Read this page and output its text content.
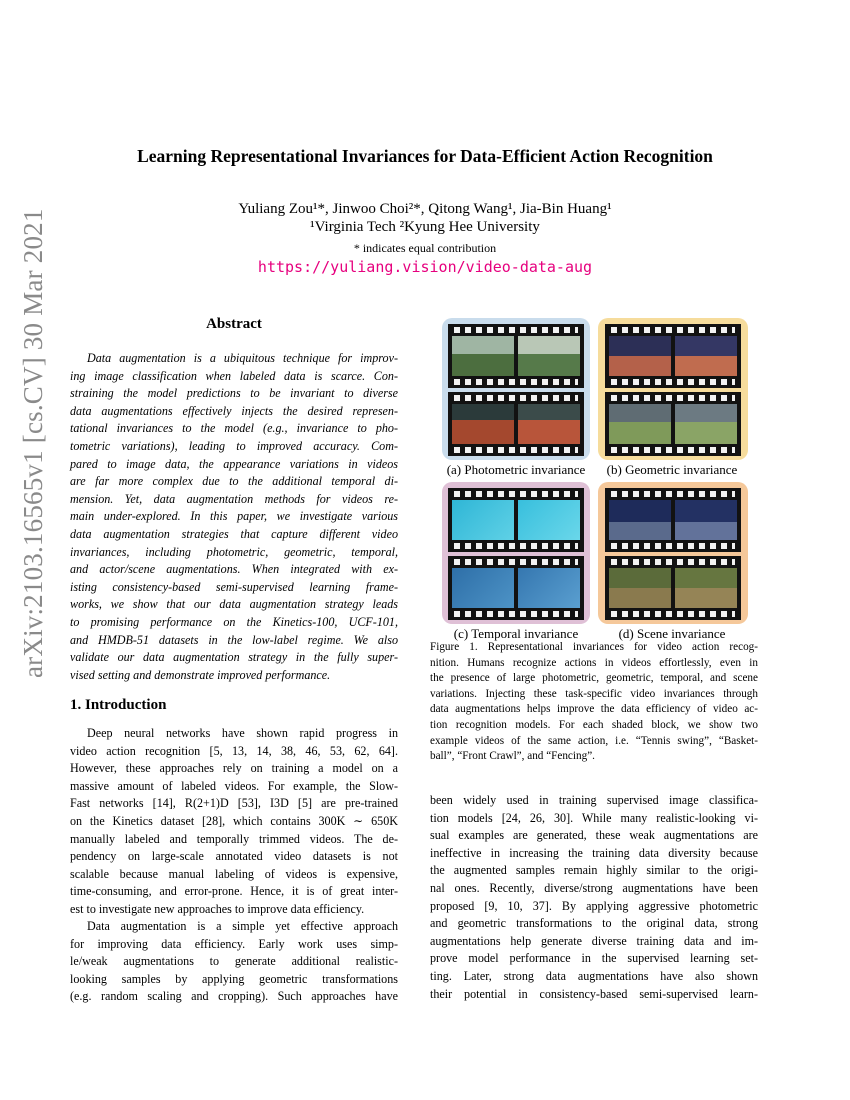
Learning Representational Invariances for Data-Efficient Action Recognition
Yuliang Zou¹*, Jinwoo Choi²*, Qitong Wang¹, Jia-Bin Huang¹
¹Virginia Tech ²Kyung Hee University
* indicates equal contribution
https://yuliang.vision/video-data-aug
arXiv:2103.16565v1 [cs.CV] 30 Mar 2021	Abstract
Data augmentation is a ubiquitous technique for improv-
ing image classification when labeled data is scarce. Con-
straining the model predictions to be invariant to diverse
data augmentations effectively injects the desired represen-
tational invariances to the model (e.g., invariance to pho-
tometric variations), leading to improved accuracy. Com-
pared to image data, the appearance variations in videos
are far more complex due to the additional temporal di-
mension. Yet, data augmentation methods for videos re-
main under-explored. In this paper, we investigate various
data augmentation strategies that capture different video
invariances, including photometric, geometric, temporal,
and actor/scene augmentations. When integrated with ex-
isting consistency-based semi-supervised learning frame-
works, we show that our data augmentation strategy leads
to promising performance on the Kinetics-100, UCF-101,
and HMDB-51 datasets in the low-label regime. We also
validate our data augmentation strategy in the fully super-
vised setting and demonstrate improved performance.
1. Introduction
Deep neural networks have shown rapid progress in
video action recognition [5, 13, 14, 38, 46, 53, 62, 64].
However, these approaches rely on training a model on a
massive amount of labeled videos. For example, the Slow-
Fast networks [14], R(2+1)D [53], I3D [5] are pre-trained
on the Kinetics dataset [28], which contains 300K ∼ 650K
manually labeled and temporally trimmed videos. The de-
pendency on large-scale annotated video datasets is not
scalable because manual labeling of videos is expensive,
time-consuming, and error-prone. Hence, it is of great inter-
est to investigate new approaches to improve data efficiency.
Data augmentation is a simple yet effective approach
for improving data efficiency. Early work uses simp-
le/weak augmentations to generate additional realistic-
looking samples by applying geometric transformations
(e.g. random scaling and cropping). Such approaches have
been widely used in training supervised image classifica-
tion models [24, 26, 30]. While many realistic-looking vi-
sual examples are generated, these weak augmentations are
ineffective in increasing the training data diversity because
the augmented samples remain highly similar to the origi-
nal ones. Recently, diverse/strong augmentations have been
proposed [9, 10, 37]. By applying aggressive photometric
and geometric transformations to the original data, strong
augmentations help generate diverse training data and im-
prove model performance in the supervised learning set-
ting. Later, strong data augmentations have also shown
their potential in consistency-based semi-supervised learn-
(a) Photometric invariance	(b) Geometric invariance
(c) Temporal invariance	(d) Scene invariance
Figure 1. Representational invariances for video action recog-
nition. Humans recognize actions in videos effortlessly, even in
the presence of large photometric, geometric, temporal, and scene
variations. Injecting these task-specific video invariances through
data augmentations helps improve the data efficiency of video ac-
tion recognition models. For each shaded block, we show two
example videos of the same action, i.e. “Tennis swing”, “Basket-
ball”, “Front Crawl”, and “Fencing”.
